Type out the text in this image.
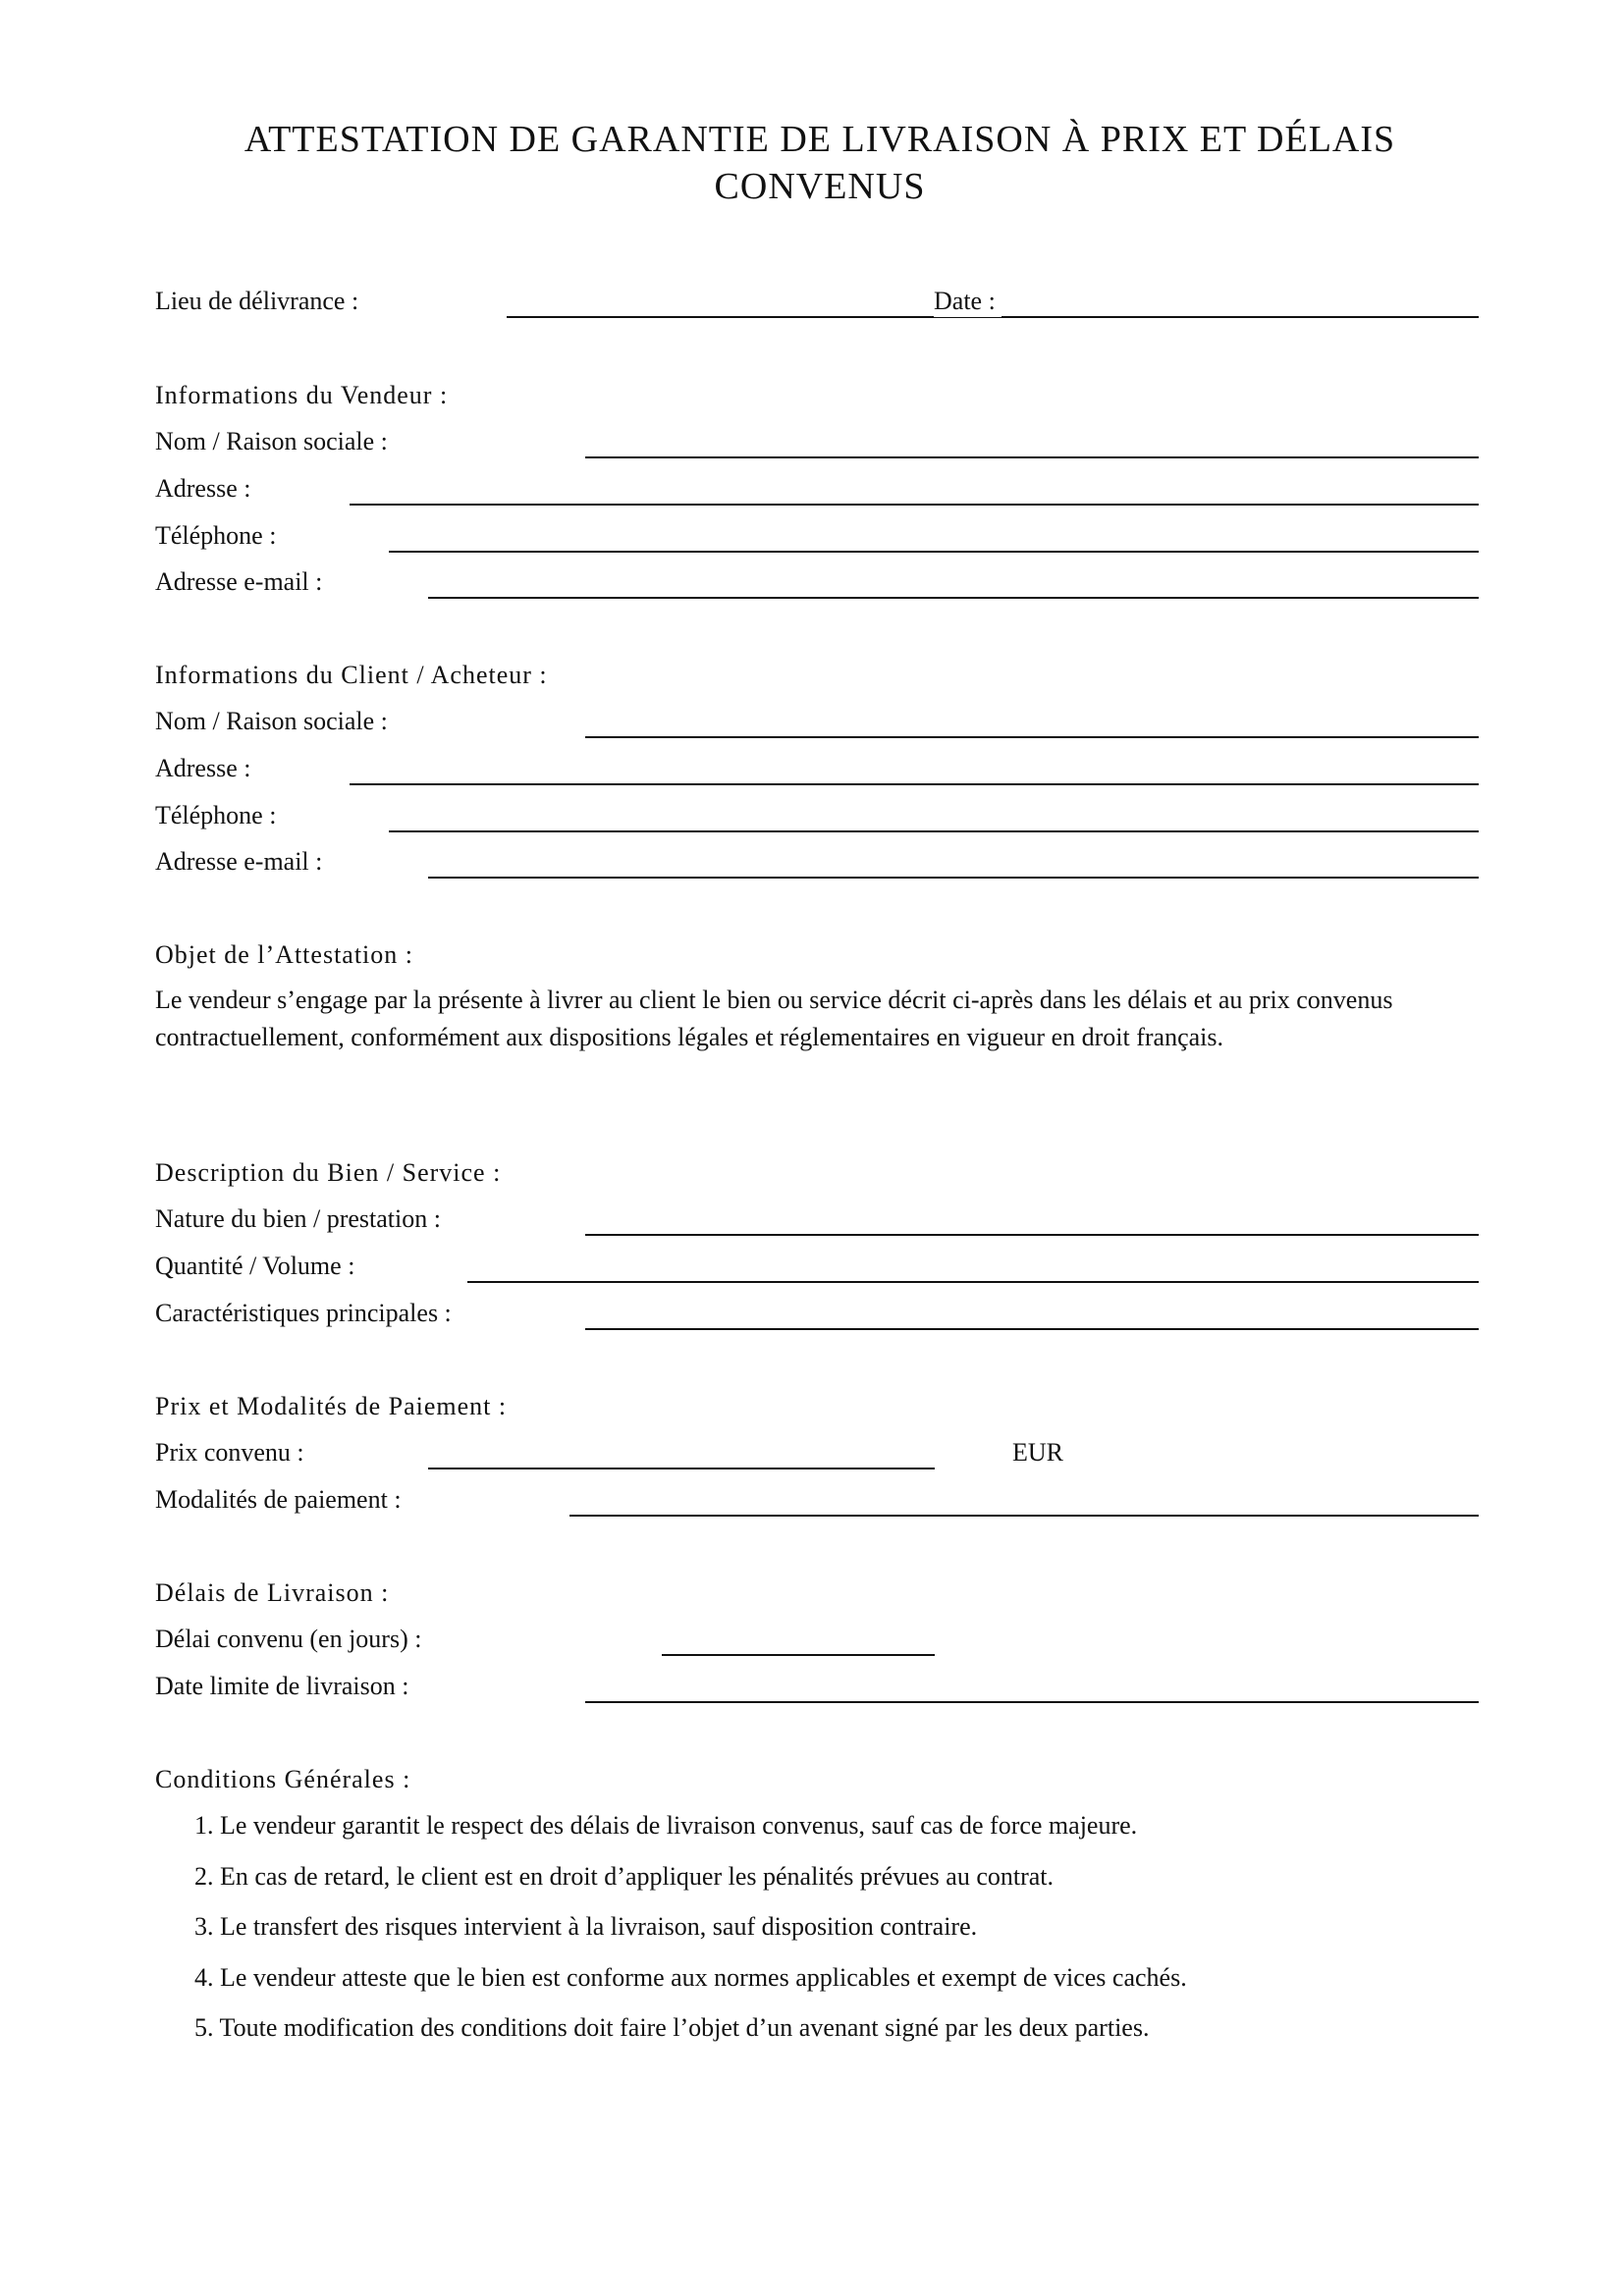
ATTESTATION DE GARANTIE DE LIVRAISON À PRIX ET DÉLAIS CONVENUS
Lieu de délivrance :	Date :
Informations du Vendeur :
Nom / Raison sociale :
Adresse :
Téléphone :
Adresse e-mail :
Informations du Client / Acheteur :
Nom / Raison sociale :
Adresse :
Téléphone :
Adresse e-mail :
Objet de l’Attestation :

Le vendeur s’engage par la présente à livrer au client le bien ou service décrit ci-après dans les délais et au prix convenus contractuellement, conformément aux dispositions légales et réglementaires en vigueur en droit français.

Description du Bien / Service :
Nature du bien / prestation :
Quantité / Volume :
Caractéristiques principales :
Prix et Modalités de Paiement :
Prix convenu :	EUR
Modalités de paiement :
Délais de Livraison :
Délai convenu (en jours) :
Date limite de livraison :
Conditions Générales :
1. Le vendeur garantit le respect des délais de livraison convenus, sauf cas de force majeure.
2. En cas de retard, le client est en droit d’appliquer les pénalités prévues au contrat.
3. Le transfert des risques intervient à la livraison, sauf disposition contraire.
4. Le vendeur atteste que le bien est conforme aux normes applicables et exempt de vices cachés.
5. Toute modification des conditions doit faire l’objet d’un avenant signé par les deux parties.
